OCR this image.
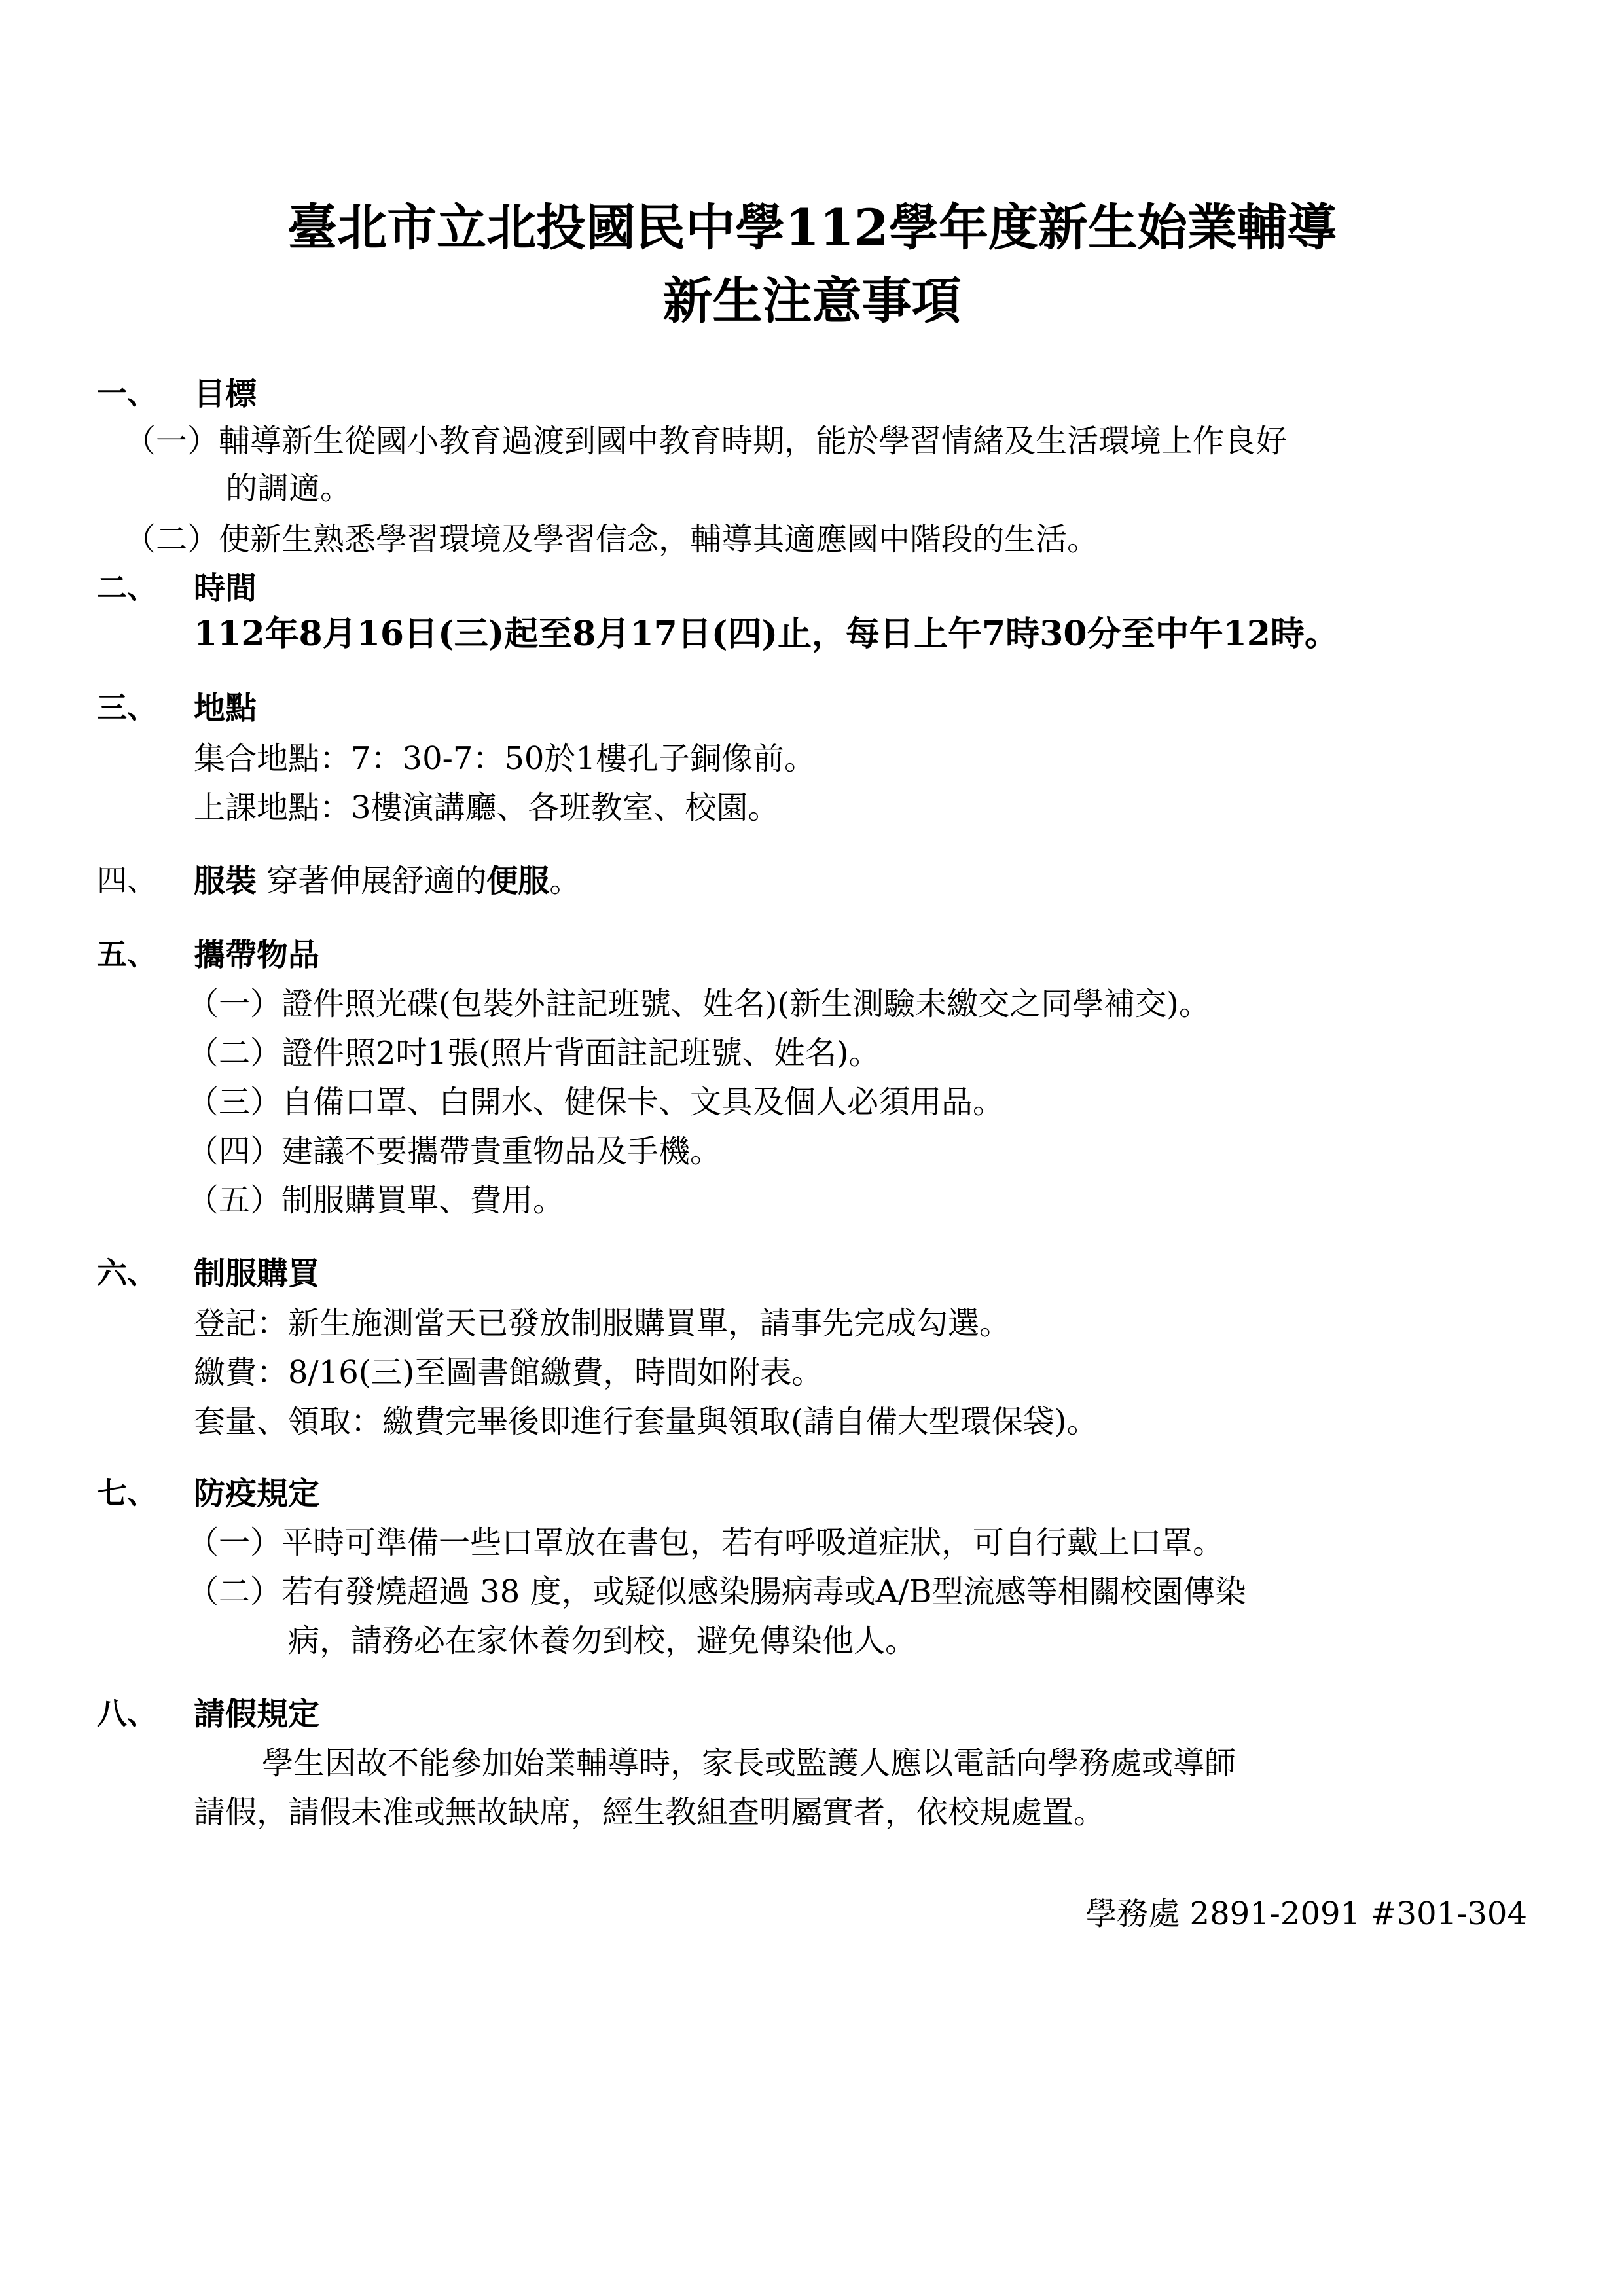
臺北市立北投國民中學112學年度新生始業輔導
新生注意事項
一、 目標
（一）輔導新生從國小教育過渡到國中教育時期，能於學習情緒及生活環境上作良好
的調適。
（二）使新生熟悉學習環境及學習信念，輔導其適應國中階段的生活。
二、 時間
112年8月16日(三)起至8月17日(四)止，每日上午7時30分至中午12時。
三、 地點
集合地點：7：30-7：50於1樓孔子銅像前。
上課地點：3樓演講廳、各班教室、校園。
四、 服裝 穿著伸展舒適的便服。
五、 攜帶物品
（一）證件照光碟(包裝外註記班號、姓名)(新生測驗未繳交之同學補交)。
（二）證件照2吋1張(照片背面註記班號、姓名)。
（三）自備口罩、白開水、健保卡、文具及個人必須用品。
（四）建議不要攜帶貴重物品及手機。
（五）制服購買單、費用。
六、 制服購買
登記：新生施測當天已發放制服購買單，請事先完成勾選。
繳費：8/16(三)至圖書館繳費，時間如附表。
套量、領取：繳費完畢後即進行套量與領取(請自備大型環保袋)。
七、 防疫規定
（一）平時可準備一些口罩放在書包，若有呼吸道症狀，可自行戴上口罩。
（二）若有發燒超過 38 度，或疑似感染腸病毒或A/B型流感等相關校園傳染
病，請務必在家休養勿到校，避免傳染他人。
八、 請假規定
學生因故不能參加始業輔導時，家長或監護人應以電話向學務處或導師
請假，請假未准或無故缺席，經生教組查明屬實者，依校規處置。
學務處 2891-2091 #301-304
